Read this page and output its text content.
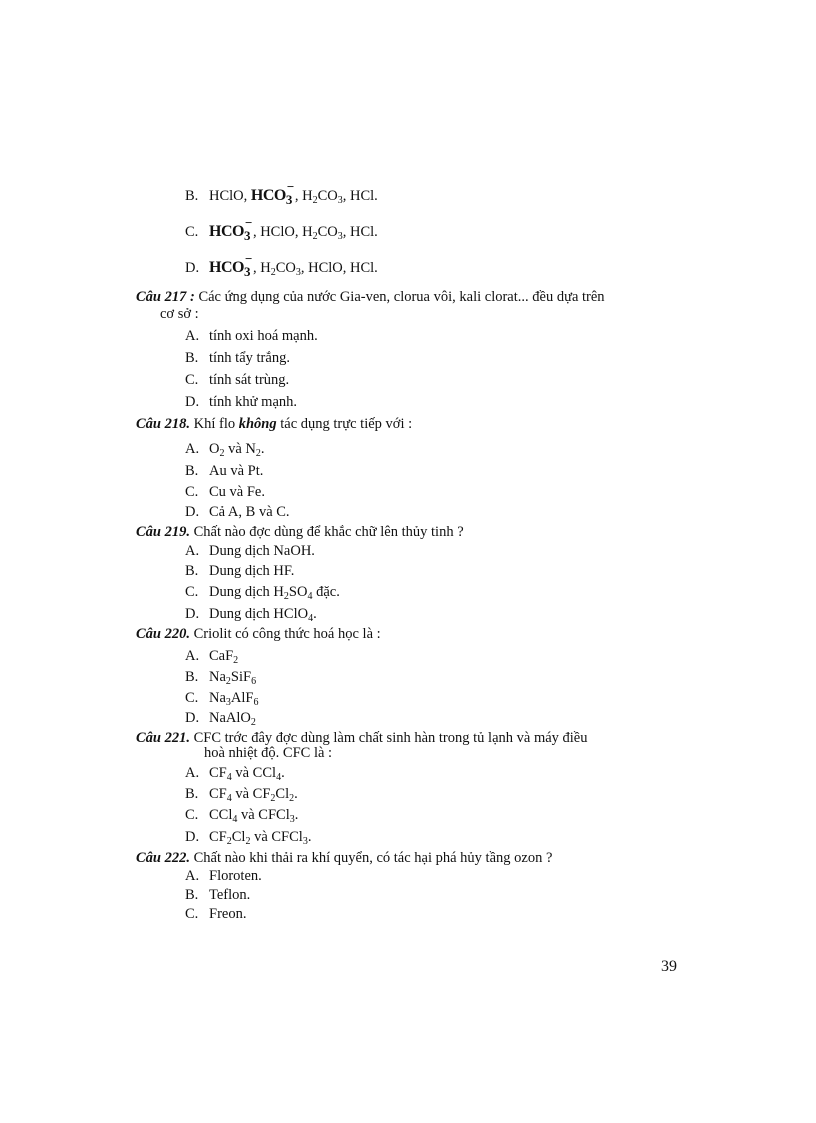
B. HClO, HCO
−
$_3$ , $H_2CO_3$, HCl.
C. HCO
−
$_3$ , HClO, $H_2CO_3$, HCl.
D. HCO
−
$_3$ , $H_2CO_3$, HClO, HCl.
Câu 217 : Các ứng dụng của nước Gia-ven, clorua vôi, kali clorat... đều dựa trên
cơ sở :
A. tính oxi hoá mạnh.
B. tính tẩy trắng.
C. tính sát trùng.
D. tính khử mạnh.
Câu 218. Khí flo không tác dụng trực tiếp với :
A. $O_2$ và $N_2$.
B. Au và Pt.
C. Cu và Fe.
D. Cả A, B và C.
Câu 219. Chất nào đợc dùng để khắc chữ lên thủy tinh ?
A. Dung dịch NaOH.
B. Dung dịch HF.
C. Dung dịch $H_2SO_4$ đặc.
D. Dung dịch HClO$_4$.
Câu 220. Criolit có công thức hoá học là :
A. CaF$_2$
B. $Na_2SiF_6$
C. $Na_3AlF_6$
D. NaAlO$_2$
Câu 221. CFC trớc đây đợc dùng làm chất sinh hàn trong tủ lạnh và máy điều
hoà nhiệt độ. CFC là :
A. $CF_4$ và CCl$_4$.
B. $CF_4$ và $CF_2Cl_2$.
C. CCl$_4$ và CFCl$_3$.
D. $CF_2Cl_2$ và CFCl$_3$.
Câu 222. Chất nào khi thải ra khí quyển, có tác hại phá hủy tầng ozon ?
A. Floroten.
B. Teflon.
C. Freon.
39
